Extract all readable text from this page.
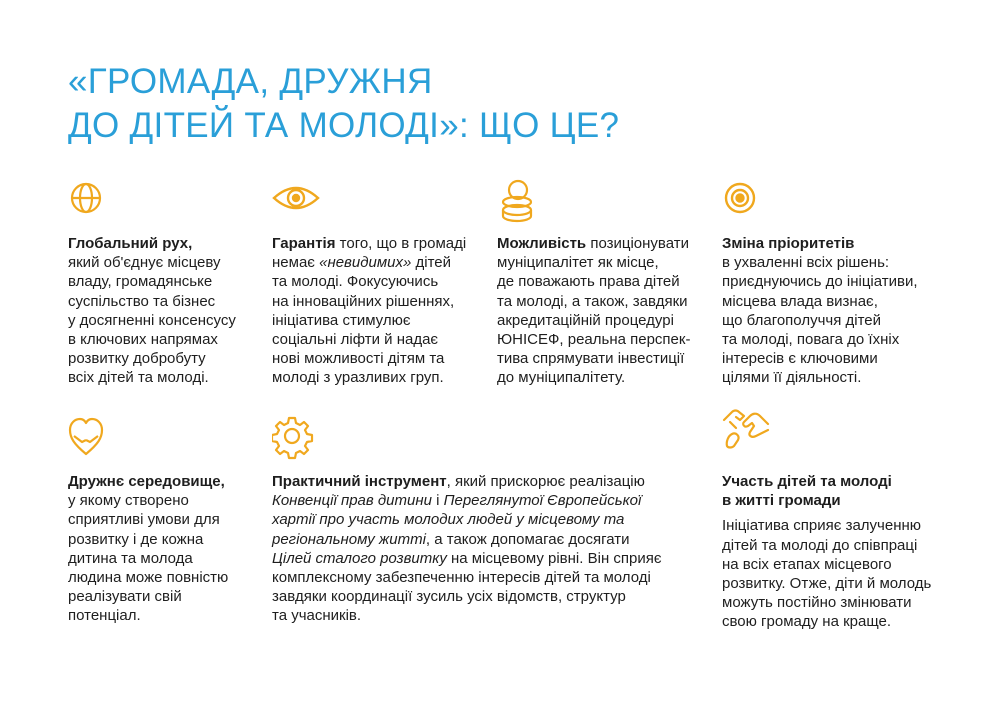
«ГРОМАДА, ДРУЖНЯ
ДО ДІТЕЙ ТА МОЛОДІ»: ЩО ЦЕ?
Глобальний рух,
який об'єднує місцеву
владу, громадянське
суспільство та бізнес
у досягненні консенсусу
в ключових напрямах
розвитку добробуту
всіх дітей та молоді.
Гарантія того, що в громаді
немає «невидимих» дітей
та молоді. Фокусуючись
на інноваційних рішеннях,
ініціатива стимулює
соціальні ліфти й надає
нові можливості дітям та
молоді з уразливих груп.
Можливість позиціонувати
муніципалітет як місце,
де поважають права дітей
та молоді, а також, завдяки
акредитаційній процедурі
ЮНІСЕФ, реальна перспек-
тива спрямувати інвестиції
до муніципалітету.
Зміна пріоритетів
в ухваленні всіх рішень:
приєднуючись до ініціативи,
місцева влада визнає,
що благополуччя дітей
та молоді, повага до їхніх
інтересів є ключовими
цілями її діяльності.
Дружнє середовище,
у якому створено
сприятливі умови для
розвитку і де кожна
дитина та молода
людина може повністю
реалізувати свій
потенціал.
Практичний інструмент, який прискорює реалізацію
Конвенції прав дитини і Переглянутої Європейської
хартії про участь молодих людей у місцевому та
регіональному житті, а також допомагає досягати
Цілей сталого розвитку на місцевому рівні. Він сприяє
комплексному забезпеченню інтересів дітей та молоді
завдяки координації зусиль усіх відомств, структур
та учасників.
Участь дітей та молоді
в житті громади
Ініціатива сприяє залученню
дітей та молоді до співпраці
на всіх етапах місцевого
розвитку. Отже, діти й молодь
можуть постійно змінювати
свою громаду на краще.
